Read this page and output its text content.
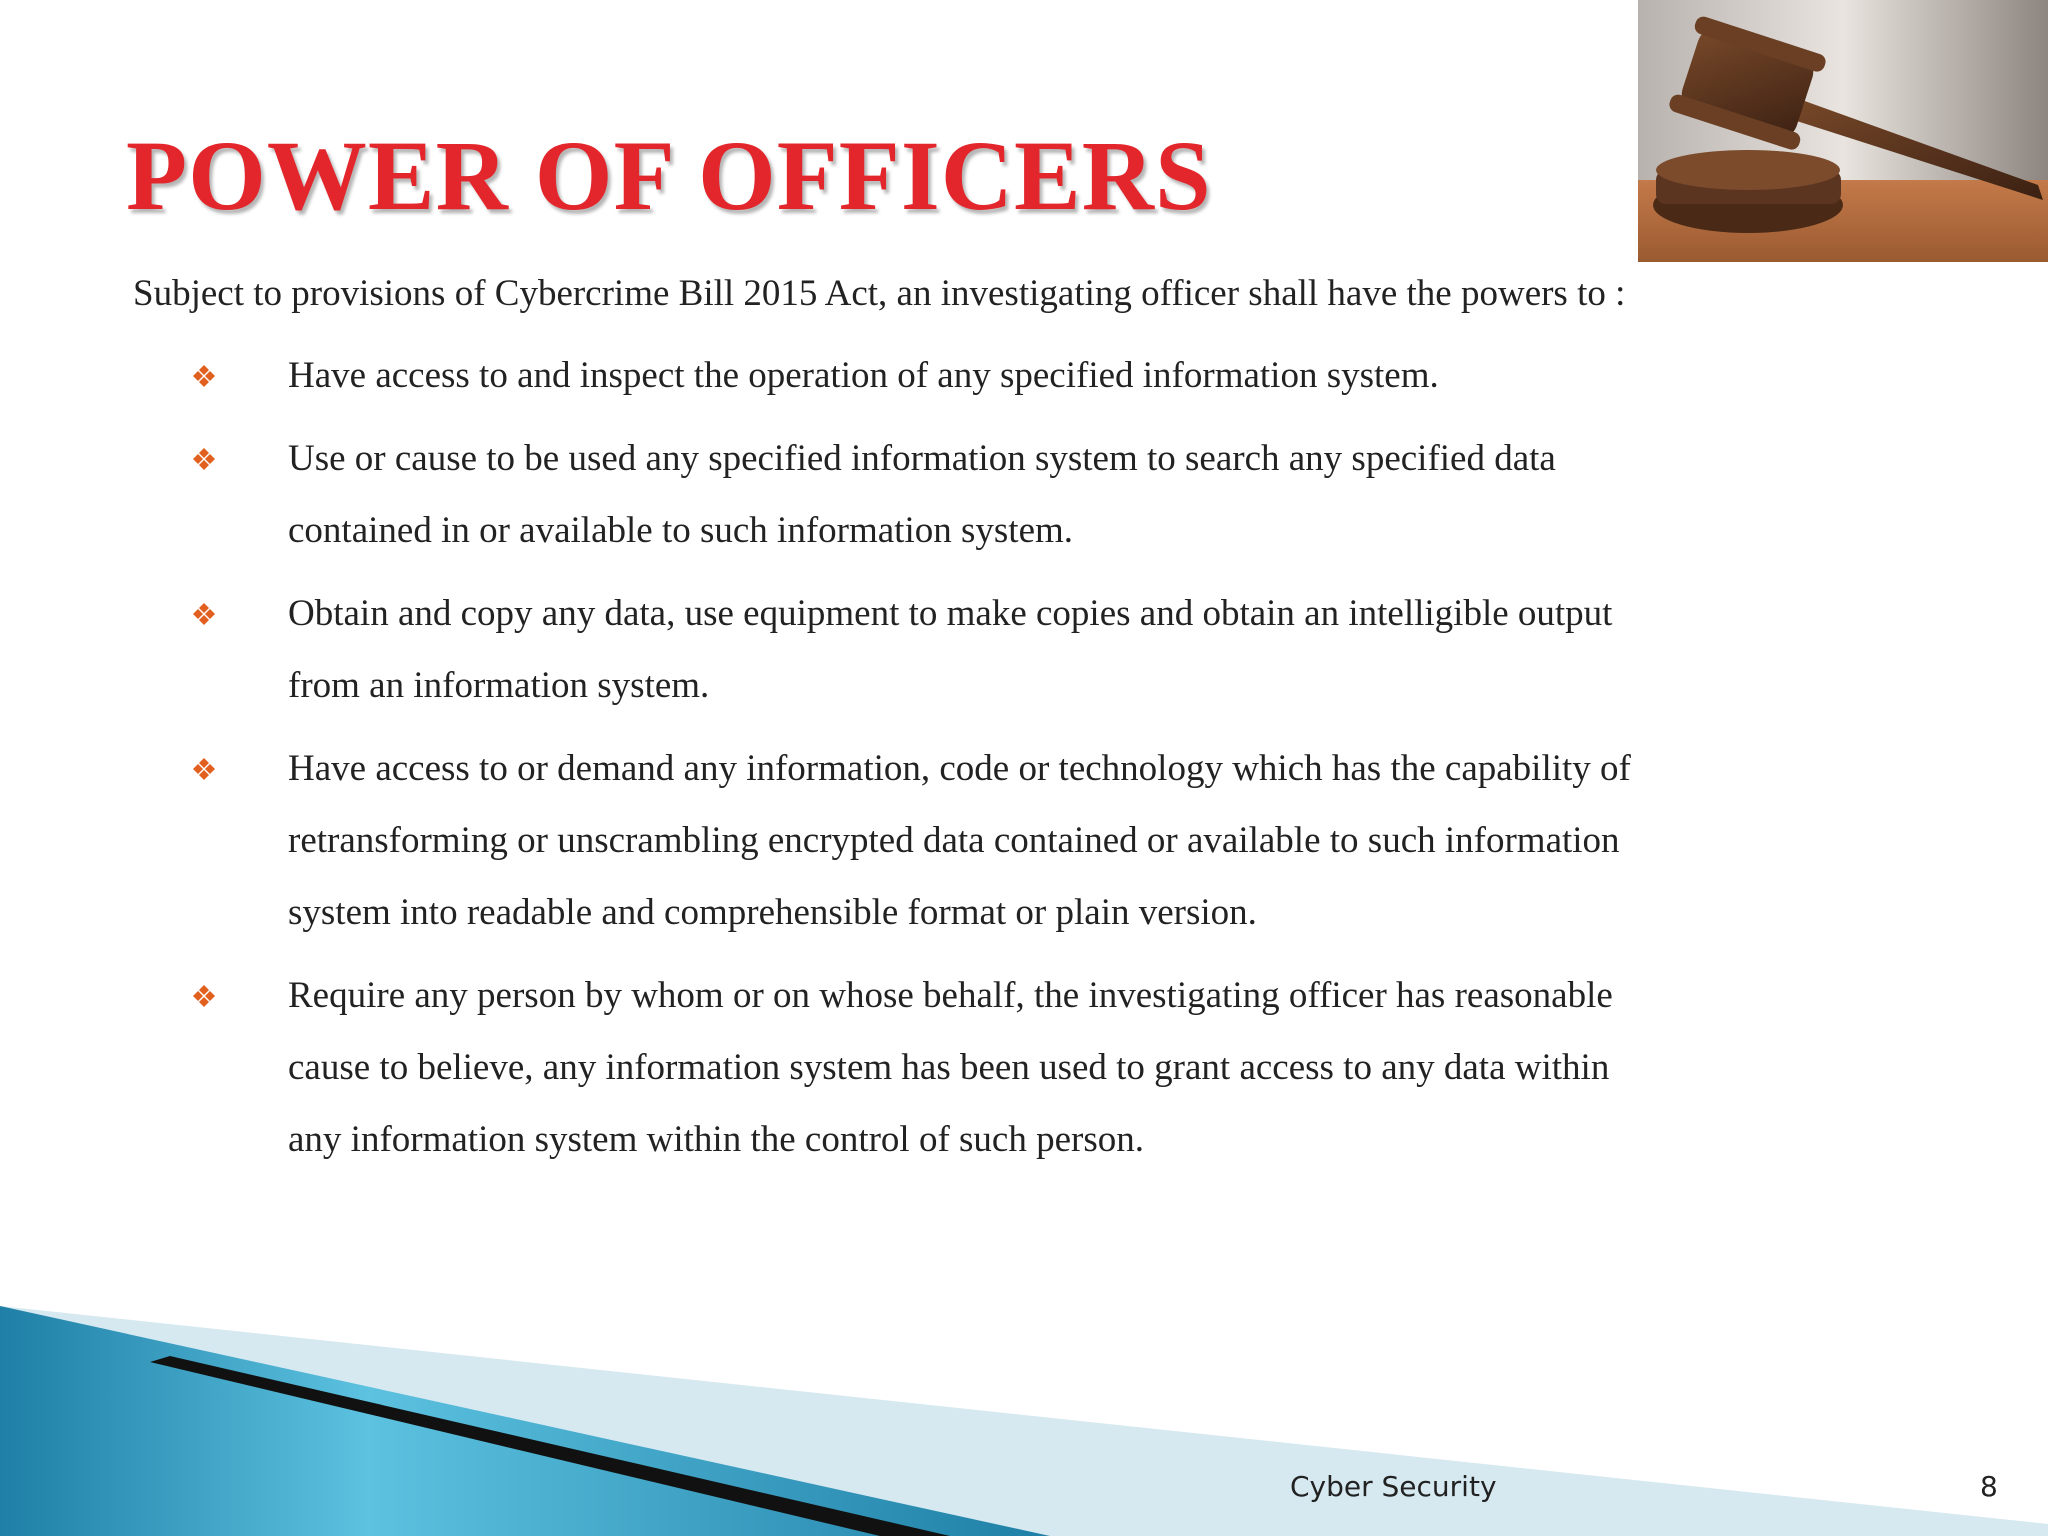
POWER OF OFFICERS

Subject to provisions of Cybercrime Bill 2015 Act, an investigating officer shall have the powers to :

Have access to and inspect the operation of any specified information system.
Use or cause to be used any specified information system to search any specified data contained in or available to such information system.
Obtain and copy any data, use equipment to make copies and obtain an intelligible output from an information system.
Have access to or demand any information, code or technology which has the capability of retransforming or unscrambling encrypted data contained or available to such information system into readable and comprehensible format or plain version.
Require any person by whom or on whose behalf, the investigating officer has reasonable cause to believe, any information system has been used to grant access to any data within any information system within the control of such person.
Cyber Security	8
